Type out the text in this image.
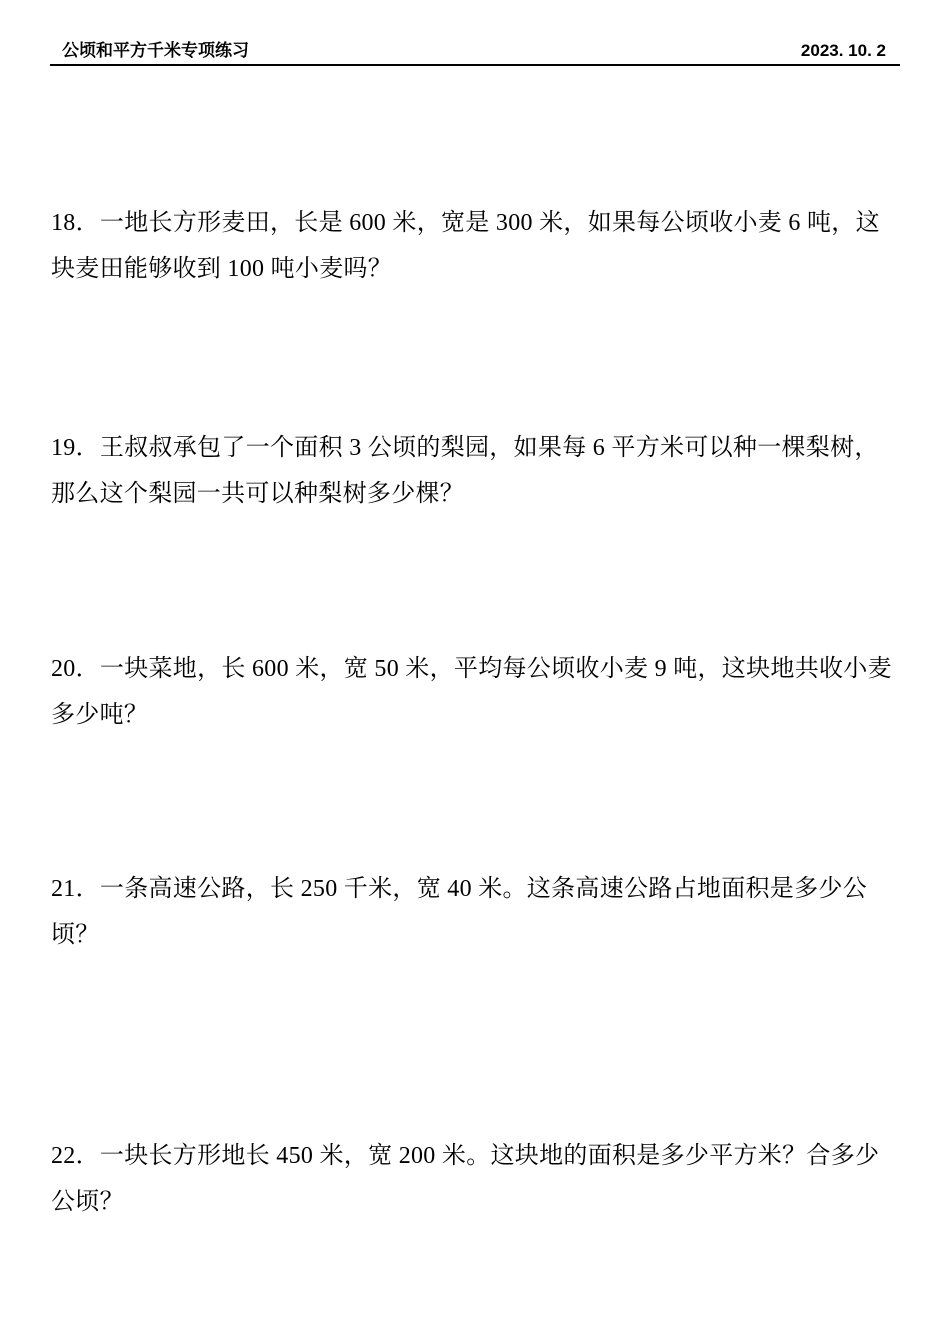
公顷和平方千米专项练习	2023. 10. 2
18．一地长方形麦田，长是 600 米，宽是 300 米，如果每公顷收小麦 6 吨，这块麦田能够收到 100 吨小麦吗？
19．王叔叔承包了一个面积 3 公顷的梨园，如果每 6 平方米可以种一棵梨树，那么这个梨园一共可以种梨树多少棵？
20．一块菜地，长 600 米，宽 50 米，平均每公顷收小麦 9 吨，这块地共收小麦多少吨？
21．一条高速公路，长 250 千米，宽 40 米。这条高速公路占地面积是多少公顷？
22．一块长方形地长 450 米，宽 200 米。这块地的面积是多少平方米？合多少公顷？
